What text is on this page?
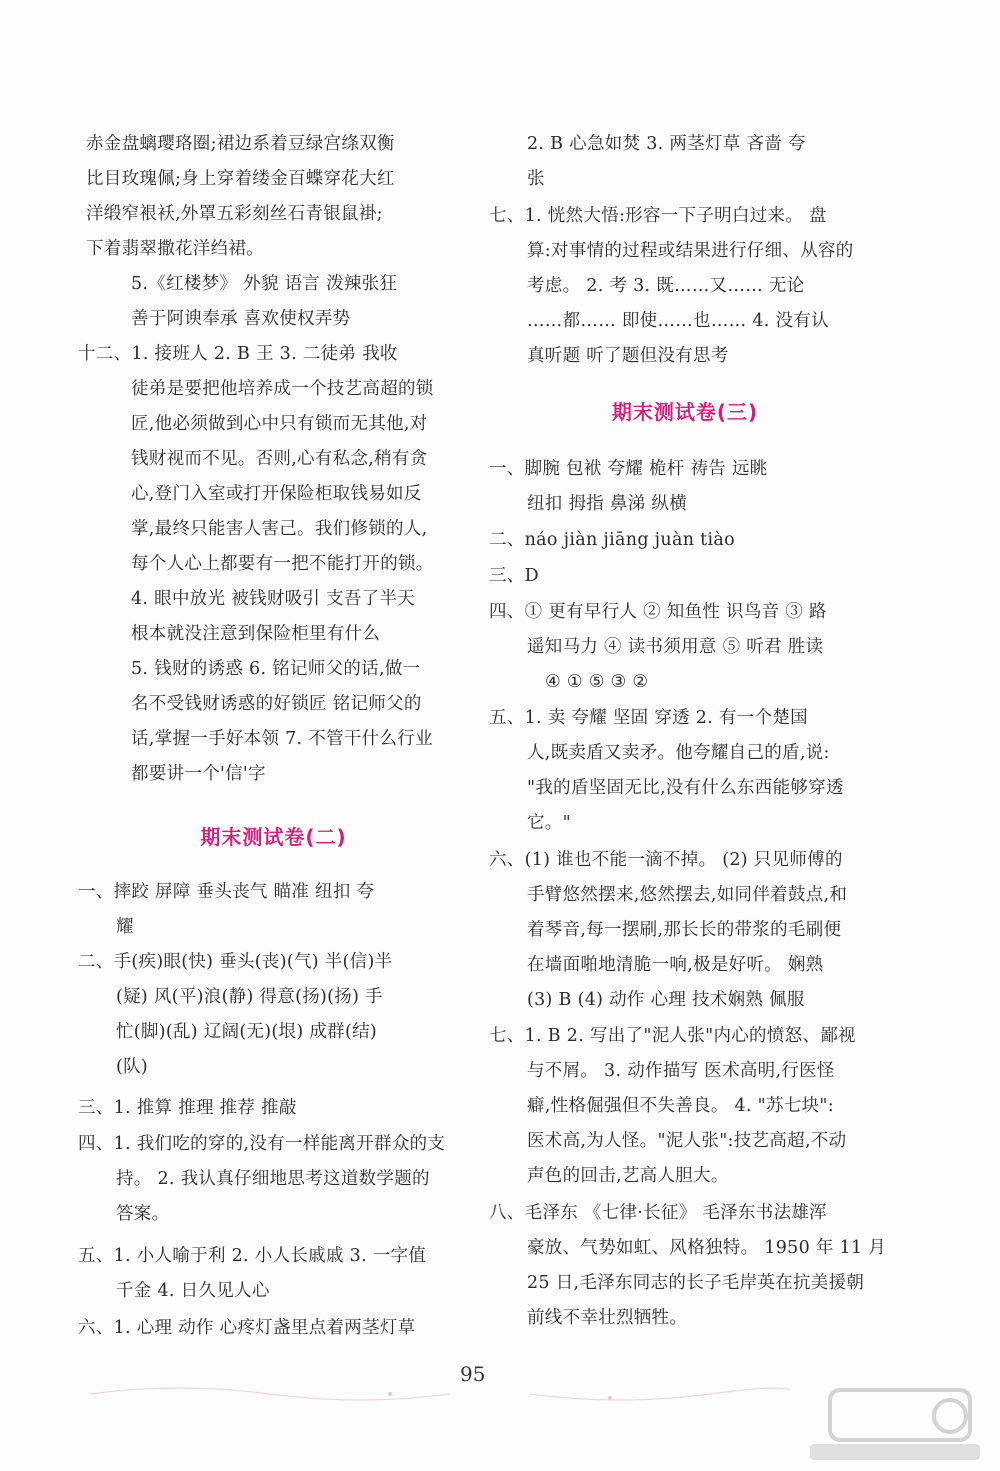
赤金盘螭璎珞圈;裙边系着豆绿宫绦双衡
比目玫瑰佩;身上穿着缕金百蝶穿花大红
洋缎窄裉袄,外罩五彩刻丝石青银鼠褂;
下着翡翠撒花洋绉裙。
5.《红楼梦》 外貌 语言 泼辣张狂
善于阿谀奉承 喜欢使权弄势
十二、1. 接班人 2. B 王 3. 二徒弟 我收
徒弟是要把他培养成一个技艺高超的锁
匠,他必须做到心中只有锁而无其他,对
钱财视而不见。否则,心有私念,稍有贪
心,登门入室或打开保险柜取钱易如反
掌,最终只能害人害己。我们修锁的人,
每个人心上都要有一把不能打开的锁。
4. 眼中放光 被钱财吸引 支吾了半天
根本就没注意到保险柜里有什么
5. 钱财的诱惑 6. 铭记师父的话,做一
名不受钱财诱惑的好锁匠 铭记师父的
话,掌握一手好本领 7. 不管干什么行业
都要讲一个'信'字
期末测试卷(二)
一、摔跤 屏障 垂头丧气 瞄准 纽扣 夸
耀
二、手(疾)眼(快) 垂头(丧)(气) 半(信)半
(疑) 风(平)浪(静) 得意(扬)(扬) 手
忙(脚)(乱) 辽阔(无)(垠) 成群(结)
(队)
三、1. 推算 推理 推荐 推敲
四、1. 我们吃的穿的,没有一样能离开群众的支
持。 2. 我认真仔细地思考这道数学题的
答案。
五、1. 小人喻于利 2. 小人长戚戚 3. 一字值
千金 4. 日久见人心
六、1. 心理 动作 心疼灯盏里点着两茎灯草
2. B 心急如焚 3. 两茎灯草 吝啬 夸
张
七、1. 恍然大悟:形容一下子明白过来。 盘
算:对事情的过程或结果进行仔细、从容的
考虑。 2. 考 3. 既……又…… 无论
……都…… 即使……也…… 4. 没有认
真听题 听了题但没有思考
期末测试卷(三)
一、脚腕 包袱 夸耀 桅杆 祷告 远眺
纽扣 拇指 鼻涕 纵横
二、náo jiàn jiāng juàn tiào
三、D
四、① 更有早行人 ② 知鱼性 识鸟音 ③ 路
遥知马力 ④ 读书须用意 ⑤ 听君 胜读
④ ① ⑤ ③ ②
五、1. 卖 夸耀 坚固 穿透 2. 有一个楚国
人,既卖盾又卖矛。他夸耀自己的盾,说:
"我的盾坚固无比,没有什么东西能够穿透
它。"
六、(1) 谁也不能一滴不掉。 (2) 只见师傅的
手臂悠然摆来,悠然摆去,如同伴着鼓点,和
着琴音,每一摆刷,那长长的带浆的毛刷便
在墙面啪地清脆一响,极是好听。 娴熟
(3) B (4) 动作 心理 技术娴熟 佩服
七、1. B 2. 写出了"泥人张"内心的愤怒、鄙视
与不屑。 3. 动作描写 医术高明,行医怪
癖,性格倔强但不失善良。 4. "苏七块":
医术高,为人怪。"泥人张":技艺高超,不动
声色的回击,艺高人胆大。
八、毛泽东 《七律·长征》 毛泽东书法雄浑
豪放、气势如虹、风格独特。 1950 年 11 月
25 日,毛泽东同志的长子毛岸英在抗美援朝
前线不幸壮烈牺牲。
95
